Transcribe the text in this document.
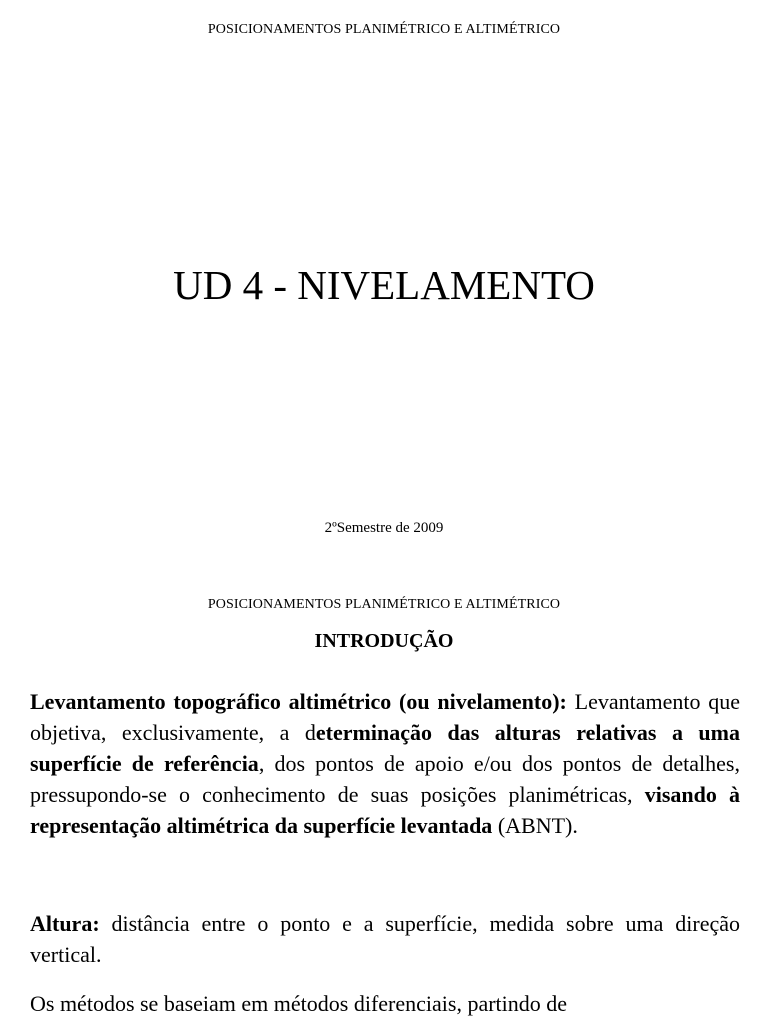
POSICIONAMENTOS PLANIMÉTRICO E ALTIMÉTRICO
UD 4 - NIVELAMENTO
2ºSemestre de 2009
POSICIONAMENTOS PLANIMÉTRICO E ALTIMÉTRICO
INTRODUÇÃO
Levantamento topográfico altimétrico (ou nivelamento): Levantamento que objetiva, exclusivamente, a determinação das alturas relativas a uma superfície de referência, dos pontos de apoio e/ou dos pontos de detalhes, pressupondo-se o conhecimento de suas posições planimétricas, visando à representação altimétrica da superfície levantada (ABNT).
Altura: distância entre o ponto e a superfície, medida sobre uma direção vertical.
Os métodos se baseiam em métodos diferenciais, partindo de
